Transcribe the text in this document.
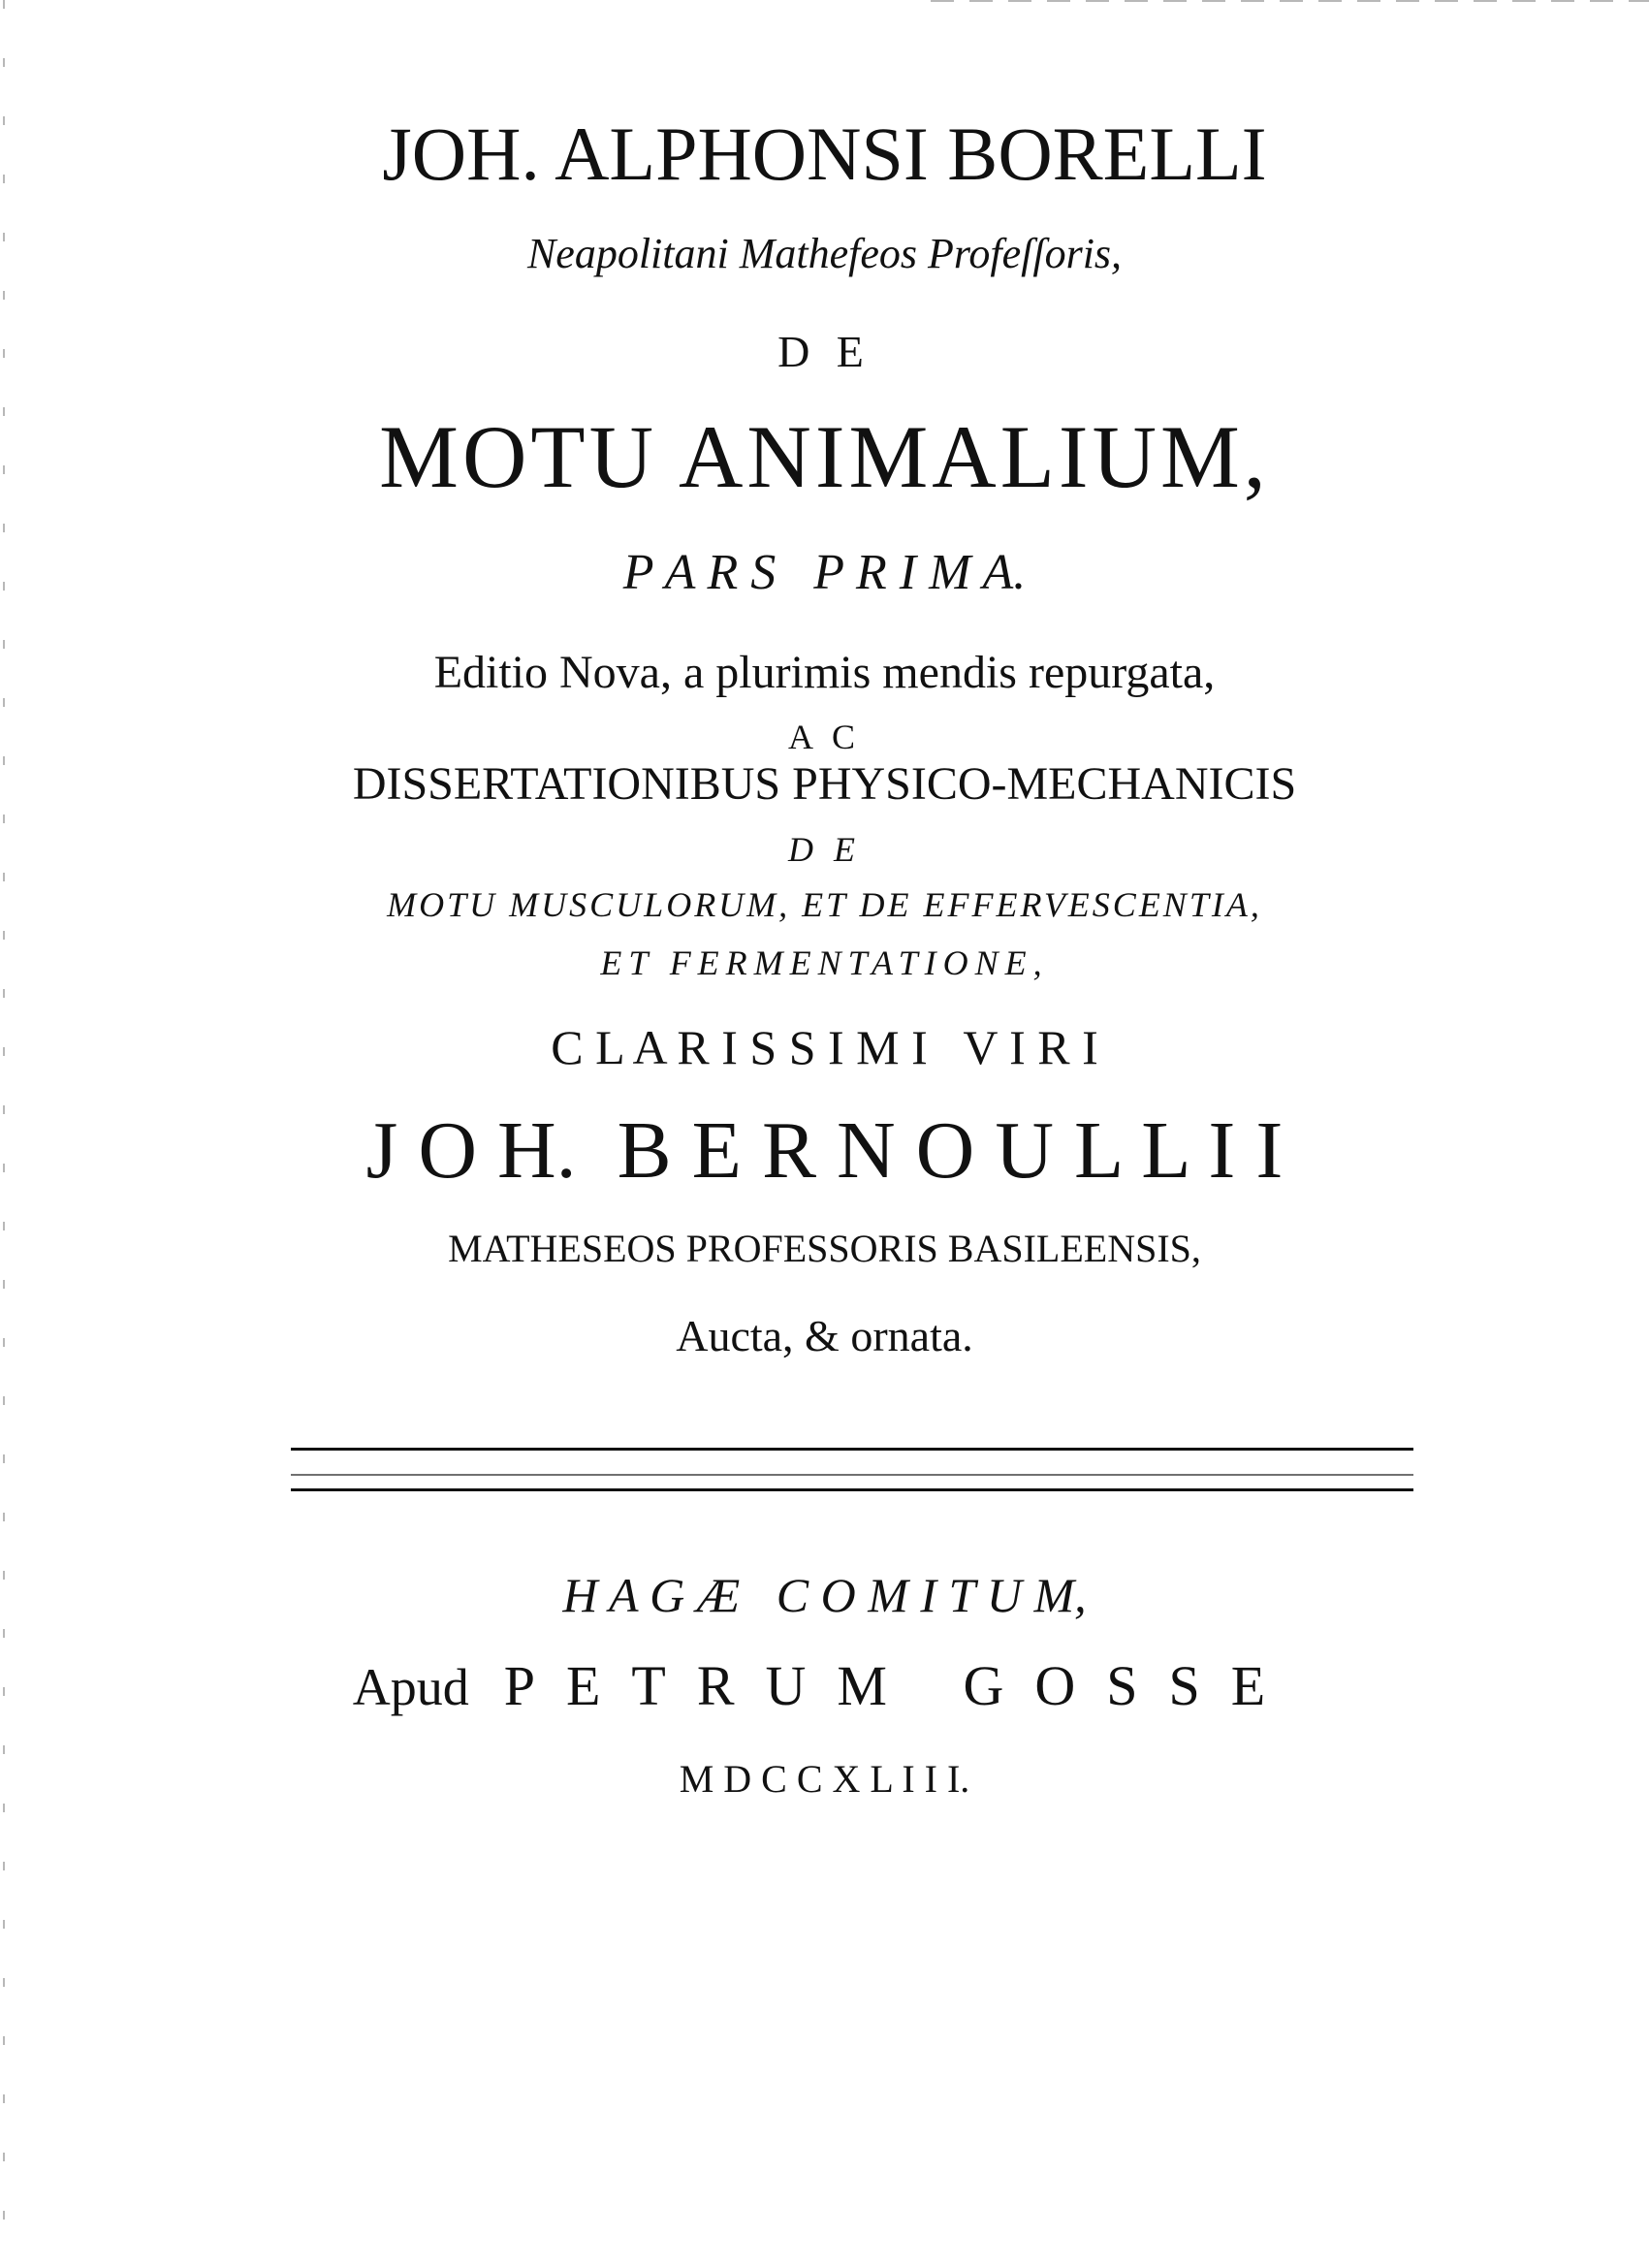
JOH. ALPHONSI BORELLI

Neapolitani Mathefeos Profeſſoris,

D E

MOTU ANIMALIUM,

P A R S   P R I M A.

Editio Nova, a plurimis mendis repurgata,

A C

DISSERTATIONIBUS PHYSICO-MECHANICIS

D E

MOTU MUSCULORUM, ET DE EFFERVESCENTIA,

ET FERMENTATIONE,

C L A R I S S I M I   V I R I

J O H.  B E R N O U L L I I

MATHESEOS PROFESSORIS BASILEENSIS,

Aucta, & ornata.

H A G Æ   C O M I T U M,

Apud PETRUM GOSSE

M D C C X L I I I.
